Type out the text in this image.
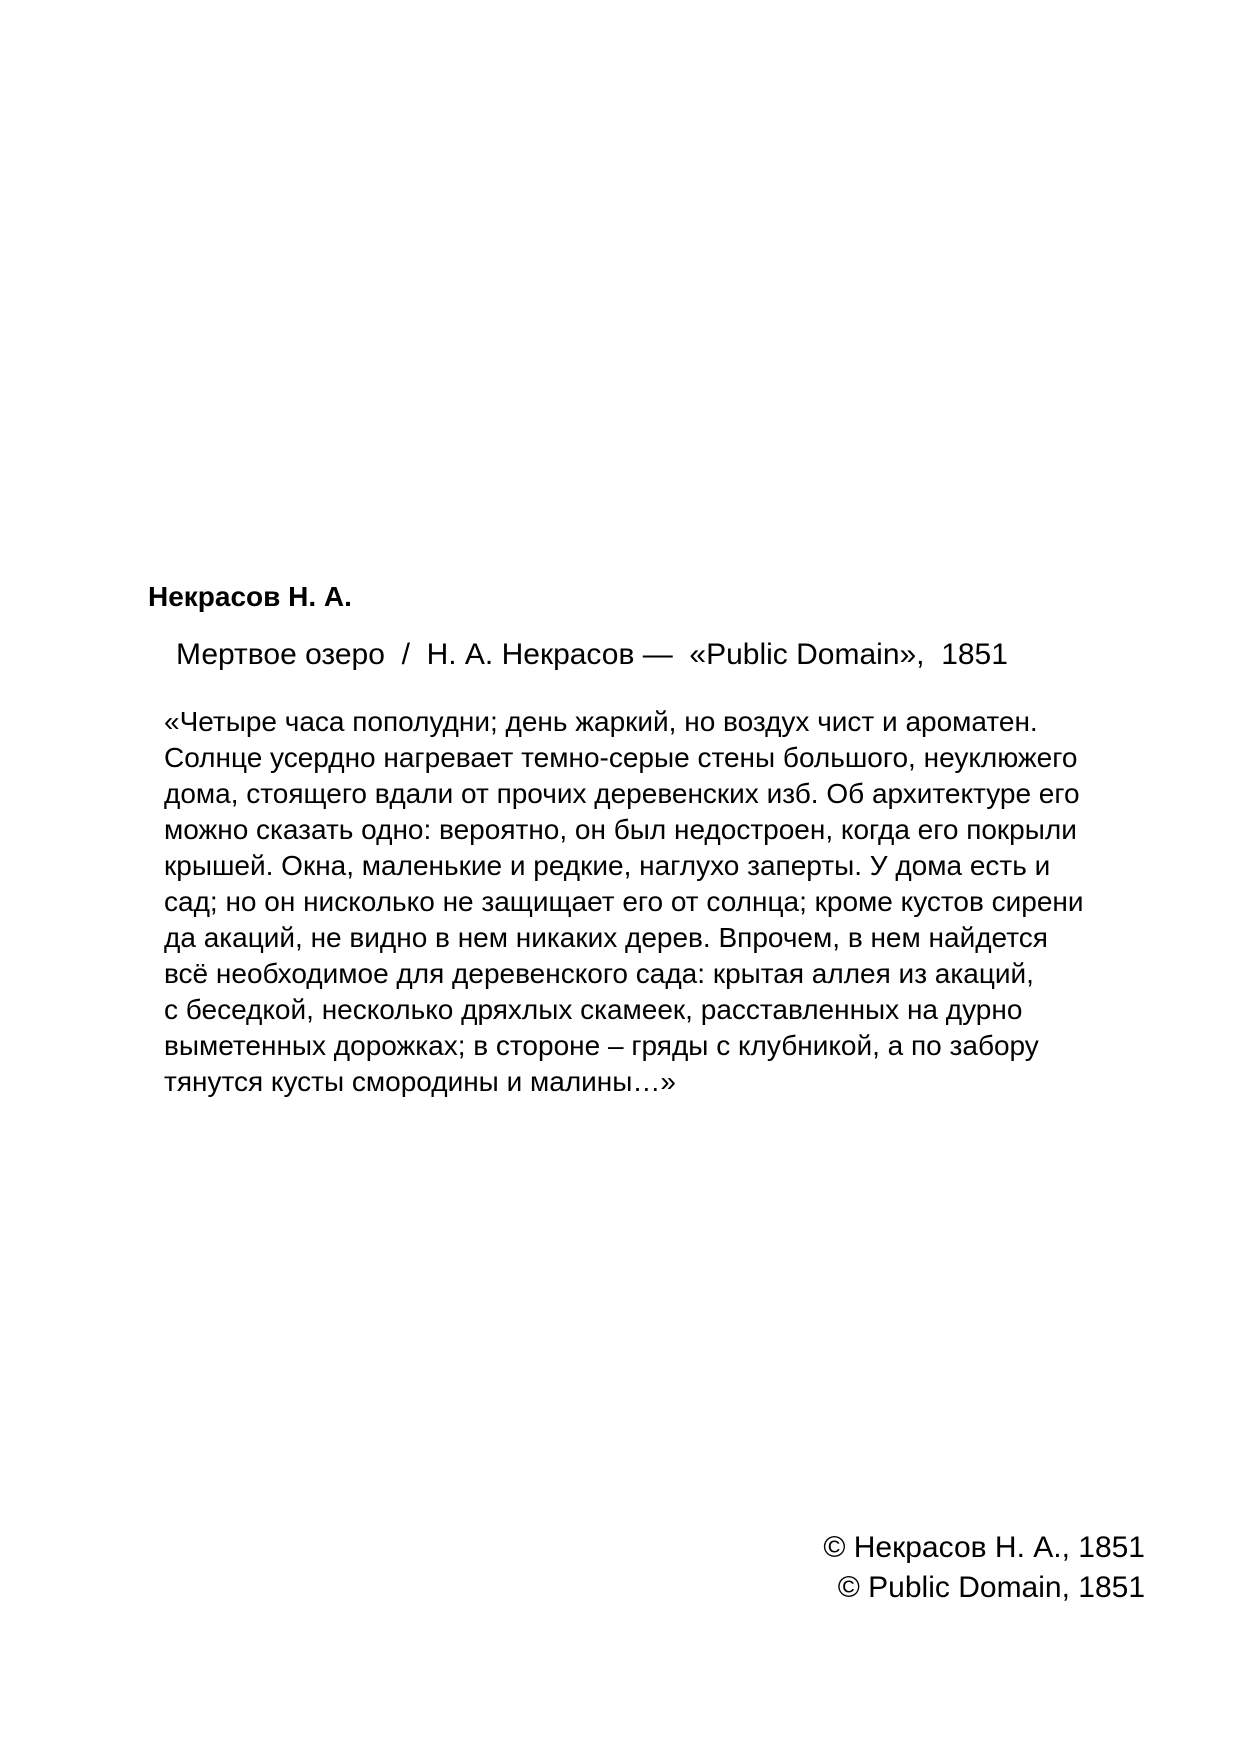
Некрасов Н. А.
Мертвое озеро  /  Н. А. Некрасов —  «Public Domain»,  1851
«Четыре часа пополудни; день жаркий, но воздух чист и ароматен.
Солнце усердно нагревает темно-серые стены большого, неуклюжего
дома, стоящего вдали от прочих деревенских изб. Об архитектуре его
можно сказать одно: вероятно, он был недостроен, когда его покрыли
крышей. Окна, маленькие и редкие, наглухо заперты. У дома есть и
сад; но он нисколько не защищает его от солнца; кроме кустов сирени
да акаций, не видно в нем никаких дерев. Впрочем, в нем найдется
всё необходимое для деревенского сада: крытая аллея из акаций,
с беседкой, несколько дряхлых скамеек, расставленных на дурно
выметенных дорожках; в стороне – гряды с клубникой, а по забору
тянутся кусты смородины и малины…»
© Некрасов Н. А., 1851
© Public Domain, 1851
